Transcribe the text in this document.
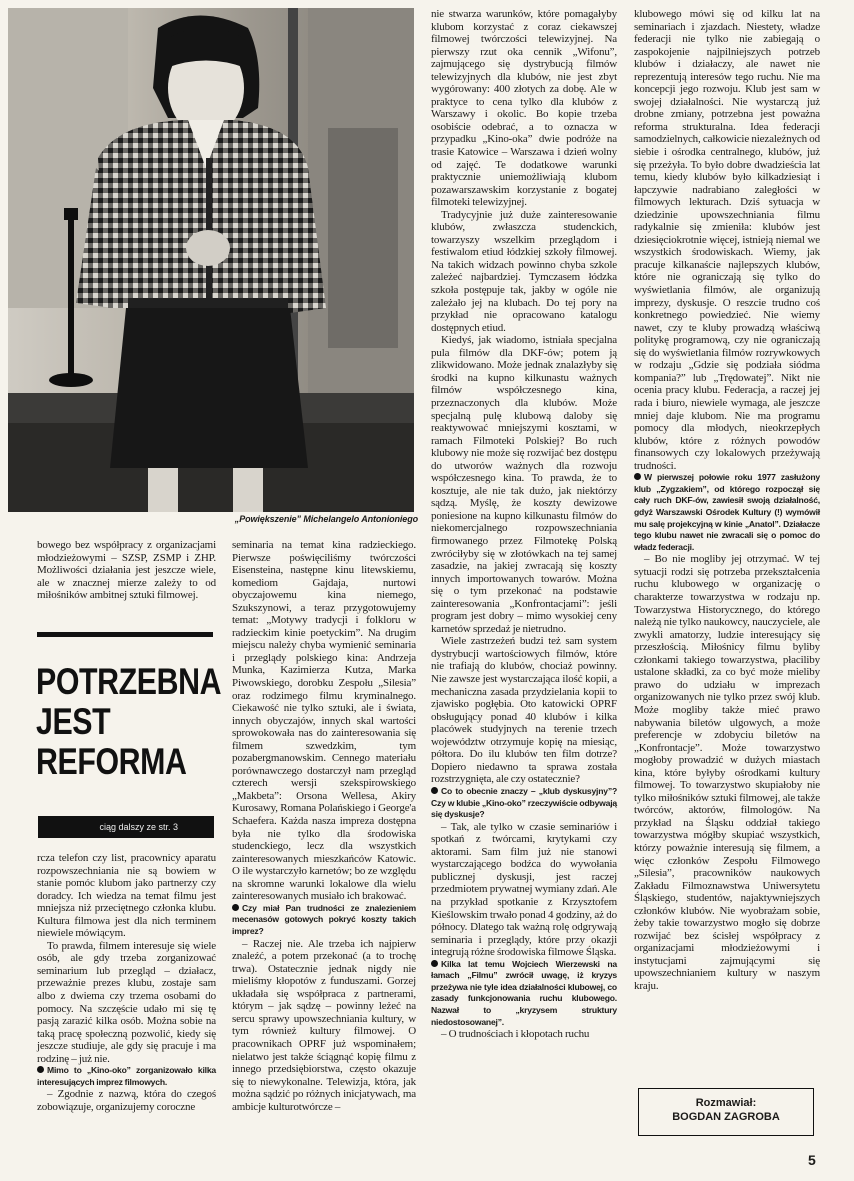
„Powiększenie” Michelangelo Antonioniego

bowego bez współpracy z organizacjami młodzieżowymi – SZSP, ZSMP i ZHP. Możliwości działania jest jeszcze wiele, ale w znacznej mierze zależy to od miłośników ambitnej sztuki filmowej.

POTRZEBNA
JEST
REFORMA
ciąg dalszy ze str. 3

rcza telefon czy list, pracownicy aparatu rozpowszechniania nie są bowiem w stanie pomóc klubom jako partnerzy czy doradcy. Ich wiedza na temat filmu jest mniejsza niż przeciętnego członka klubu. Kultura filmowa jest dla nich terminem niewiele mówiącym.

To prawda, filmem interesuje się wiele osób, ale gdy trzeba zorganizować seminarium lub przegląd – działacz, przeważnie prezes klubu, zostaje sam albo z dwiema czy trzema osobami do pomocy. Na szczęście udało mi się tę pasją zarazić kilka osób. Można sobie na taką pracę społeczną pozwolić, kiedy się jeszcze studiuje, ale gdy się pracuje i ma rodzinę – już nie.

Mimo to „Kino-oko” zorganizowało kilka interesujących imprez filmowych.

– Zgodnie z nazwą, która do czegoś zobowiązuje, organizujemy coroczne

seminaria na temat kina radzieckiego. Pierwsze poświęciliśmy twórczości Eisensteina, następne kinu litewskiemu, komediom Gajdaja, nurtowi obyczajowemu kina niemego, Szukszynowi, a teraz przygotowujemy temat: „Motywy tradycji i folkloru w radzieckim kinie poetyckim”. Na drugim miejscu należy chyba wymienić seminaria i przeglądy polskiego kina: Andrzeja Munka, Kazimierza Kutza, Marka Piwowskiego, dorobku Zespołu „Silesia” oraz rodzimego filmu kryminalnego. Ciekawość nie tylko sztuki, ale i świata, innych obyczajów, innych skal wartości sprowokowała nas do zainteresowania się filmem szwedzkim, tym pozabergmanowskim. Cennego materiału porównawczego dostarczył nam przegląd czterech wersji szekspirowskiego „Makbeta”: Orsona Wellesa, Akiry Kurosawy, Romana Polańskiego i George'a Schaefera. Każda nasza impreza dostępna była nie tylko dla środowiska studenckiego, lecz dla wszystkich zainteresowanych mieszkańców Katowic. O ile wystarczyło karnetów; bo ze względu na skromne warunki lokalowe dla wielu zainteresowanych musiało ich brakować.

Czy miał Pan trudności ze znalezieniem mecenasów gotowych pokryć koszty takich imprez?

– Raczej nie. Ale trzeba ich najpierw znaleźć, a potem przekonać (a to trochę trwa). Ostatecznie jednak nigdy nie mieliśmy kłopotów z funduszami. Gorzej układała się współpraca z partnerami, którym – jak sądzę – powinny leżeć na sercu sprawy upowszechniania kultury, w tym również kultury filmowej. O pracownikach OPRF już wspominałem; nielatwo jest także ściągnąć kopię filmu z innego przedsiębiorstwa, często okazuje się to niewykonalne. Telewizja, która, jak można sądzić po różnych inicjatywach, ma ambicje kulturotwórcze –

nie stwarza warunków, które pomagałyby klubom korzystać z coraz ciekawszej filmowej twórczości telewizyjnej. Na pierwszy rzut oka cennik „Wifonu”, zajmującego się dystrybucją filmów telewizyjnych dla klubów, nie jest zbyt wygórowany: 400 złotych za dobę. Ale w praktyce to cena tylko dla klubów z Warszawy i okolic. Bo kopie trzeba osobiście odebrać, a to oznacza w przypadku „Kino-oka” dwie podróże na trasie Katowice – Warszawa i dzień wolny od zajęć. Te dodatkowe warunki praktycznie uniemożliwiają klubom pozawarszawskim korzystanie z bogatej filmoteki telewizyjnej.

Tradycyjnie już duże zainteresowanie klubów, zwłaszcza studenckich, towarzyszy wszelkim przeglądom i festiwalom etiud łódzkiej szkoły filmowej. Na takich widzach powinno chyba szkole zależeć najbardziej. Tymczasem łódzka szkoła postępuje tak, jakby w ogóle nie zależało jej na klubach. Do tej pory na przykład nie opracowano katalogu dostępnych etiud.

Kiedyś, jak wiadomo, istniała specjalna pula filmów dla DKF-ów; potem ją zlikwidowano. Może jednak znalazłyby się środki na kupno kilkunastu ważnych filmów współczesnego kina, przeznaczonych dla klubów. Może specjalną pulę klubową daloby się reaktywować mniejszymi kosztami, w ramach Filmoteki Polskiej? Bo ruch klubowy nie może się rozwijać bez dostępu do utworów ważnych dla rozwoju współczesnego kina. To prawda, że to kosztuje, ale nie tak dużo, jak niektórzy sądzą. Myślę, że koszty dewizowe poniesione na kupno kilkunastu filmów do niekomercjalnego rozpowszechniania firmowanego przez Filmotekę Polską zwróciłyby się w złotówkach na tej samej zasadzie, na jakiej zwracają się koszty innych importowanych towarów. Można się o tym przekonać na podstawie zainteresowania „Konfrontacjami”: jeśli program jest dobry – mimo wysokiej ceny karnetów sprzedaż je nietrudno.

Wiele zastrzeżeń budzi też sam system dystrybucji wartościowych filmów, które nie trafiają do klubów, chociaż powinny. Nie zawsze jest wystarczająca ilość kopii, a mechaniczna zasada przydzielania kopii to zjawisko pogłębia. Oto katowicki OPRF obsługujący ponad 40 klubów i kilka placówek studyjnych na terenie trzech województw otrzymuje kopię na miesiąc, półtora. Do ilu klubów ten film dotrze? Dopiero niedawno ta sprawa została rozstrzygnięta, ale czy ostatecznie?

Co to obecnie znaczy – „klub dyskusyjny”? Czy w klubie „Kino-oko” rzeczywiście odbywają się dyskusje?

– Tak, ale tylko w czasie seminariów i spotkań z twórcami, krytykami czy aktorami. Sam film już nie stanowi wystarczającego bodźca do wywołania publicznej dyskusji, jest raczej przedmiotem prywatnej wymiany zdań. Ale na przykład spotkanie z Krzysztofem Kieślowskim trwało ponad 4 godziny, aż do północy. Dlatego tak ważną rolę odgrywają seminaria i przeglądy, które przy okazji integrują różne środowiska filmowe Śląska.

Kilka lat temu Wojciech Wierzewski na łamach „Filmu” zwrócił uwagę, iż kryzys przeżywa nie tyle idea działalności klubowej, co zasady funkcjonowania ruchu klubowego. Nazwał to „kryzysem struktury niedostosowanej”.

– O trudnościach i kłopotach ruchu

klubowego mówi się od kilku lat na seminariach i zjazdach. Niestety, władze federacji nie tylko nie zabiegają o zaspokojenie najpilniejszych potrzeb klubów i działaczy, ale nawet nie reprezentują interesów tego ruchu. Nie ma koncepcji jego rozwoju. Klub jest sam w swojej działalności. Nie wystarczą już drobne zmiany, potrzebna jest poważna reforma strukturalna. Idea federacji samodzielnych, całkowicie niezależnych od siebie i ośrodka centralnego, klubów, już się przeżyła. To było dobre dwadzieścia lat temu, kiedy klubów było kilkadziesiąt i łapczywie nadrabiano zaległości w filmowych lekturach. Dziś sytuacja w dziedzinie upowszechniania filmu radykalnie się zmieniła: klubów jest dziesięciokrotnie więcej, istnieją niemal we wszystkich środowiskach. Wiemy, jak pracuje kilkanaście najlepszych klubów, które nie ograniczają się tylko do wyświetlania filmów, ale organizują imprezy, dyskusje. O reszcie trudno coś konkretnego powiedzieć. Nie wiemy nawet, czy te kluby prowadzą właściwą politykę programową, czy nie ograniczają się do wyświetlania filmów rozrywkowych w rodzaju „Gdzie się podziała siódma kompania?” lub „Trędowatej”. Nikt nie ocenia pracy klubu. Federacja, a raczej jej rada i biuro, niewiele wymaga, ale jeszcze mniej daje klubom. Nie ma programu pomocy dla młodych, nieokrzepłych klubów, które z różnych powodów finansowych czy lokalowych przeżywają trudności.

W pierwszej połowie roku 1977 zasłużony klub „Zygzakiem”, od którego rozpoczął się cały ruch DKF-ów, zawiesił swoją działalność, gdyż Warszawski Ośrodek Kultury (!) wymówił mu salę projekcyjną w kinie „Anatol”. Działacze tego klubu nawet nie zwracali się o pomoc do władz federacji.

– Bo nie mogliby jej otrzymać. W tej sytuacji rodzi się potrzeba przekształcenia ruchu klubowego w organizację o charakterze towarzystwa w rodzaju np. Towarzystwa Historycznego, do którego należą nie tylko naukowcy, nauczyciele, ale zwykli amatorzy, ludzie interesujący się przeszłością. Miłośnicy filmu byliby członkami takiego towarzystwa, płaciliby ustalone składki, za co być może mieliby prawo do udziału w imprezach organizowanych nie tylko przez swój klub. Może mogliby także mieć prawo nabywania biletów ulgowych, a może preferencje w zdobyciu biletów na „Konfrontacje”. Może towarzystwo mogłoby prowadzić w dużych miastach kina, które byłyby ośrodkami kultury filmowej. To towarzystwo skupiałoby nie tylko miłośników sztuki filmowej, ale także twórców, aktorów, filmologów. Na przykład na Śląsku oddział takiego towarzystwa mógłby skupiać wszystkich, którzy poważnie interesują się filmem, a więc członków Zespołu Filmowego „Silesia”, pracowników naukowych Zakładu Filmoznawstwa Uniwersytetu Śląskiego, studentów, najaktywniejszych członków klubów. Nie wyobrażam sobie, żeby takie towarzystwo mogło się dobrze rozwijać bez ścisłej współpracy z organizacjami młodzieżowymi i instytucjami zajmującymi się upowszechnianiem kultury w naszym kraju.

Rozmawiał:
BOGDAN ZAGROBA
5
